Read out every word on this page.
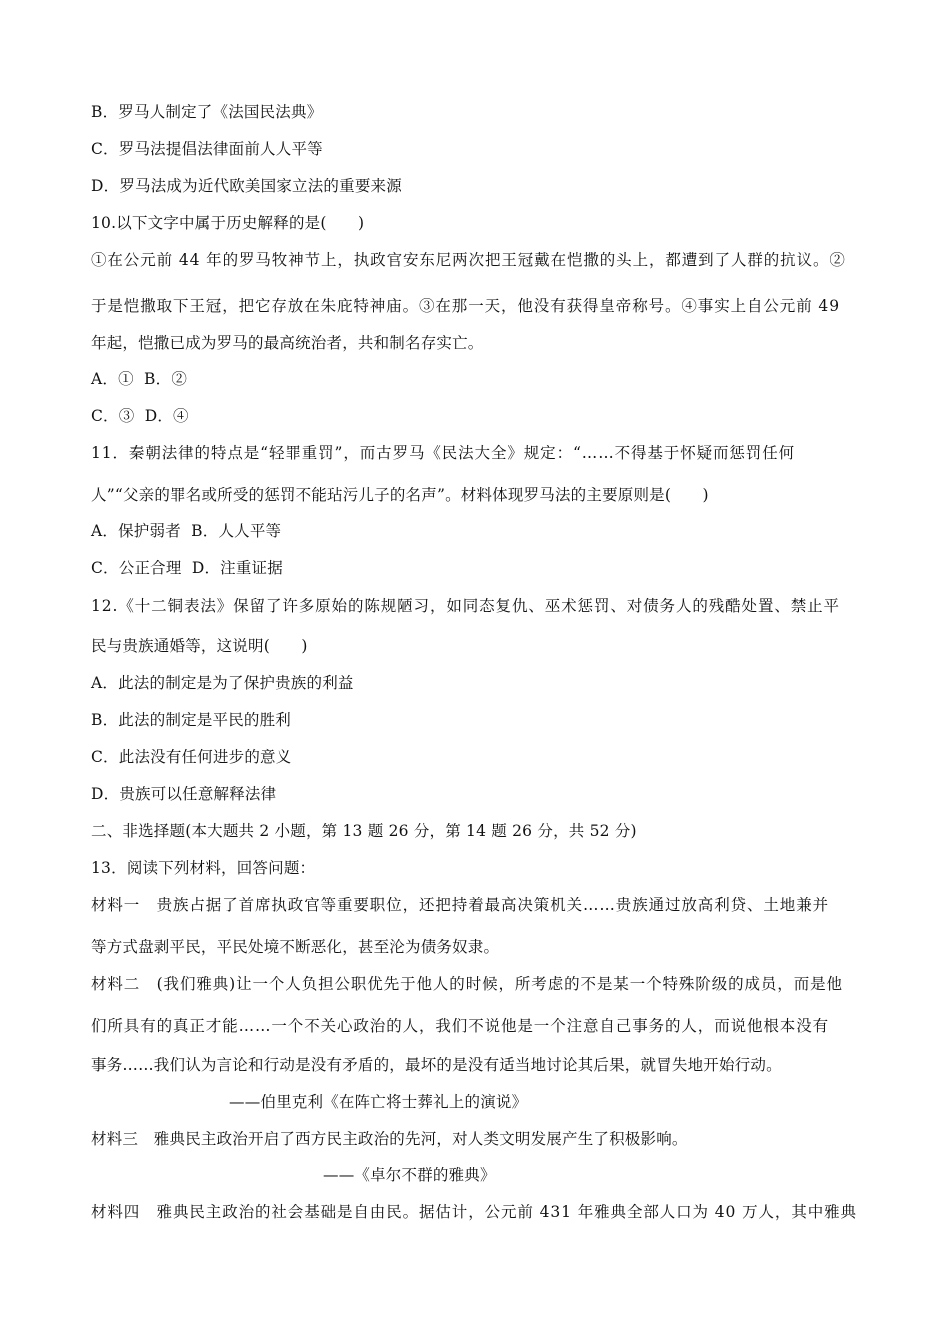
B．罗马人制定了《法国民法典》
C．罗马法提倡法律面前人人平等
D．罗马法成为近代欧美国家立法的重要来源
10.以下文字中属于历史解释的是(　　)
①在公元前 44 年的罗马牧神节上，执政官安东尼两次把王冠戴在恺撒的头上，都遭到了人群的抗议。②
于是恺撒取下王冠，把它存放在朱庇特神庙。③在那一天，他没有获得皇帝称号。④事实上自公元前 49
年起，恺撒已成为罗马的最高统治者，共和制名存实亡。
A．①  B．②
C．③  D．④
11．秦朝法律的特点是“轻罪重罚”，而古罗马《民法大全》规定：“……不得基于怀疑而惩罚任何
人”“父亲的罪名或所受的惩罚不能玷污儿子的名声”。材料体现罗马法的主要原则是(　　)
A．保护弱者  B．人人平等
C．公正合理  D．注重证据
12.《十二铜表法》保留了许多原始的陈规陋习，如同态复仇、巫术惩罚、对债务人的残酷处置、禁止平
民与贵族通婚等，这说明(　　)
A．此法的制定是为了保护贵族的利益
B．此法的制定是平民的胜利
C．此法没有任何进步的意义
D．贵族可以任意解释法律
二、非选择题(本大题共 2 小题，第 13 题 26 分，第 14 题 26 分，共 52 分)
13．阅读下列材料，回答问题：
材料一　贵族占据了首席执政官等重要职位，还把持着最高决策机关……贵族通过放高利贷、土地兼并
等方式盘剥平民，平民处境不断恶化，甚至沦为债务奴隶。
材料二　(我们雅典)让一个人负担公职优先于他人的时候，所考虑的不是某一个特殊阶级的成员，而是他
们所具有的真正才能……一个不关心政治的人，我们不说他是一个注意自己事务的人，而说他根本没有
事务……我们认为言论和行动是没有矛盾的，最坏的是没有适当地讨论其后果，就冒失地开始行动。
——伯里克利《在阵亡将士葬礼上的演说》
材料三　雅典民主政治开启了西方民主政治的先河，对人类文明发展产生了积极影响。
——《卓尔不群的雅典》
材料四　雅典民主政治的社会基础是自由民。据估计，公元前 431 年雅典全部人口为 40 万人，其中雅典
